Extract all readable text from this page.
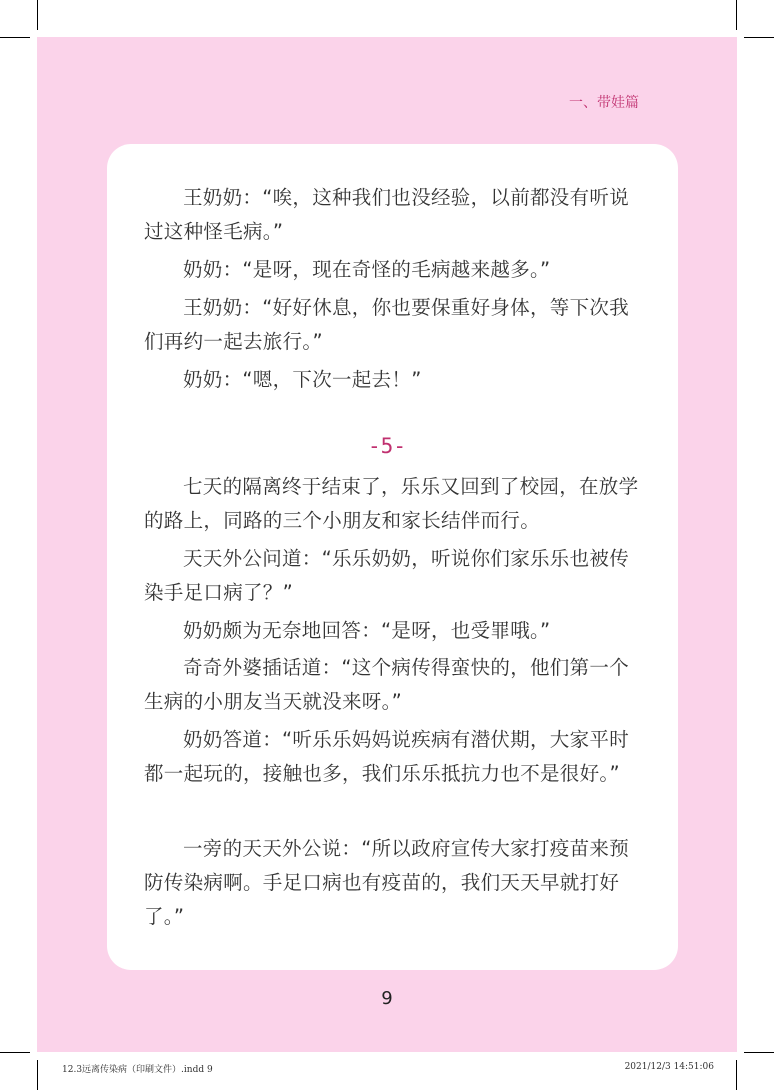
一、带娃篇

王奶奶：“唉，这种我们也没经验，以前都没有听说过这种怪毛病。”

奶奶：“是呀，现在奇怪的毛病越来越多。”

王奶奶：“好好休息，你也要保重好身体，等下次我们再约一起去旅行。”

奶奶：“嗯，下次一起去！”

-5-

七天的隔离终于结束了，乐乐又回到了校园，在放学的路上，同路的三个小朋友和家长结伴而行。

天天外公问道：“乐乐奶奶，听说你们家乐乐也被传染手足口病了？”

奶奶颇为无奈地回答：“是呀，也受罪哦。”

奇奇外婆插话道：“这个病传得蛮快的，他们第一个生病的小朋友当天就没来呀。”

奶奶答道：“听乐乐妈妈说疾病有潜伏期，大家平时都一起玩的，接触也多，我们乐乐抵抗力也不是很好。”

一旁的天天外公说：“所以政府宣传大家打疫苗来预防传染病啊。手足口病也有疫苗的，我们天天早就打好了。”

9
12.3远离传染病（印刷文件）.indd 9	2021/12/3 14:51:06
